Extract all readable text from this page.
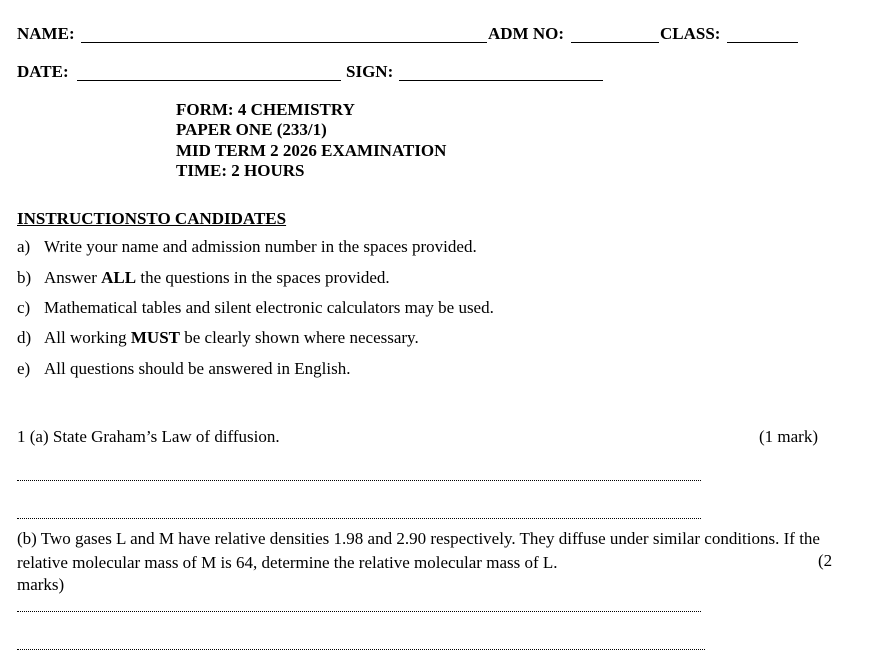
NAME:	ADM NO:	CLASS:
DATE:	SIGN:
FORM: 4 CHEMISTRY
PAPER ONE (233/1)
MID TERM 2 2026 EXAMINATION
TIME: 2 HOURS
INSTRUCTIONSTO CANDIDATES
a) Write your name and admission number in the spaces provided.
b) Answer ALL the questions in the spaces provided.
c) Mathematical tables and silent electronic calculators may be used.
d) All working MUST be clearly shown where necessary.
e) All questions should be answered in English.
1 (a) State Graham’s Law of diffusion.	(1 mark)
(b) Two gases L and M have relative densities 1.98 and 2.90 respectively. They diffuse under similar conditions. If the relative molecular mass of M is 64, determine the relative molecular mass of L.	(2
marks)
